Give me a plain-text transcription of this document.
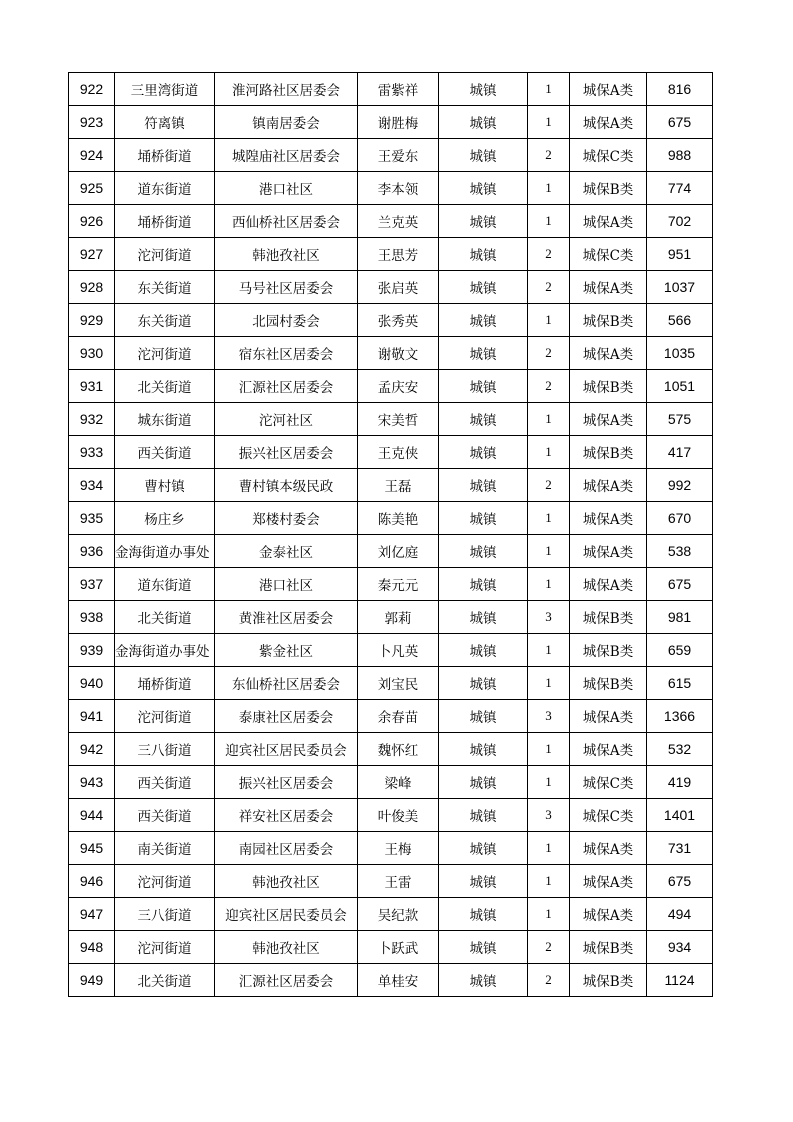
922	三里湾街道	淮河路社区居委会	雷紫祥	城镇	1	城保A类	816
923	符离镇	镇南居委会	谢胜梅	城镇	1	城保A类	675
924	埇桥街道	城隍庙社区居委会	王爱东	城镇	2	城保C类	988
925	道东街道	港口社区	李本领	城镇	1	城保B类	774
926	埇桥街道	西仙桥社区居委会	兰克英	城镇	1	城保A类	702
927	沱河街道	韩池孜社区	王思芳	城镇	2	城保C类	951
928	东关街道	马号社区居委会	张启英	城镇	2	城保A类	1037
929	东关街道	北园村委会	张秀英	城镇	1	城保B类	566
930	沱河街道	宿东社区居委会	谢敬文	城镇	2	城保A类	1035
931	北关街道	汇源社区居委会	孟庆安	城镇	2	城保B类	1051
932	城东街道	沱河社区	宋美哲	城镇	1	城保A类	575
933	西关街道	振兴社区居委会	王克侠	城镇	1	城保B类	417
934	曹村镇	曹村镇本级民政	王磊	城镇	2	城保A类	992
935	杨庄乡	郑楼村委会	陈美艳	城镇	1	城保A类	670
936	金海街道办事处	金泰社区	刘亿庭	城镇	1	城保A类	538
937	道东街道	港口社区	秦元元	城镇	1	城保A类	675
938	北关街道	黄淮社区居委会	郭莉	城镇	3	城保B类	981
939	金海街道办事处	紫金社区	卜凡英	城镇	1	城保B类	659
940	埇桥街道	东仙桥社区居委会	刘宝民	城镇	1	城保B类	615
941	沱河街道	泰康社区居委会	余春苗	城镇	3	城保A类	1366
942	三八街道	迎宾社区居民委员会	魏怀红	城镇	1	城保A类	532
943	西关街道	振兴社区居委会	梁峰	城镇	1	城保C类	419
944	西关街道	祥安社区居委会	叶俊美	城镇	3	城保C类	1401
945	南关街道	南园社区居委会	王梅	城镇	1	城保A类	731
946	沱河街道	韩池孜社区	王雷	城镇	1	城保A类	675
947	三八街道	迎宾社区居民委员会	吴纪款	城镇	1	城保A类	494
948	沱河街道	韩池孜社区	卜跃武	城镇	2	城保B类	934
949	北关街道	汇源社区居委会	单桂安	城镇	2	城保B类	1124
